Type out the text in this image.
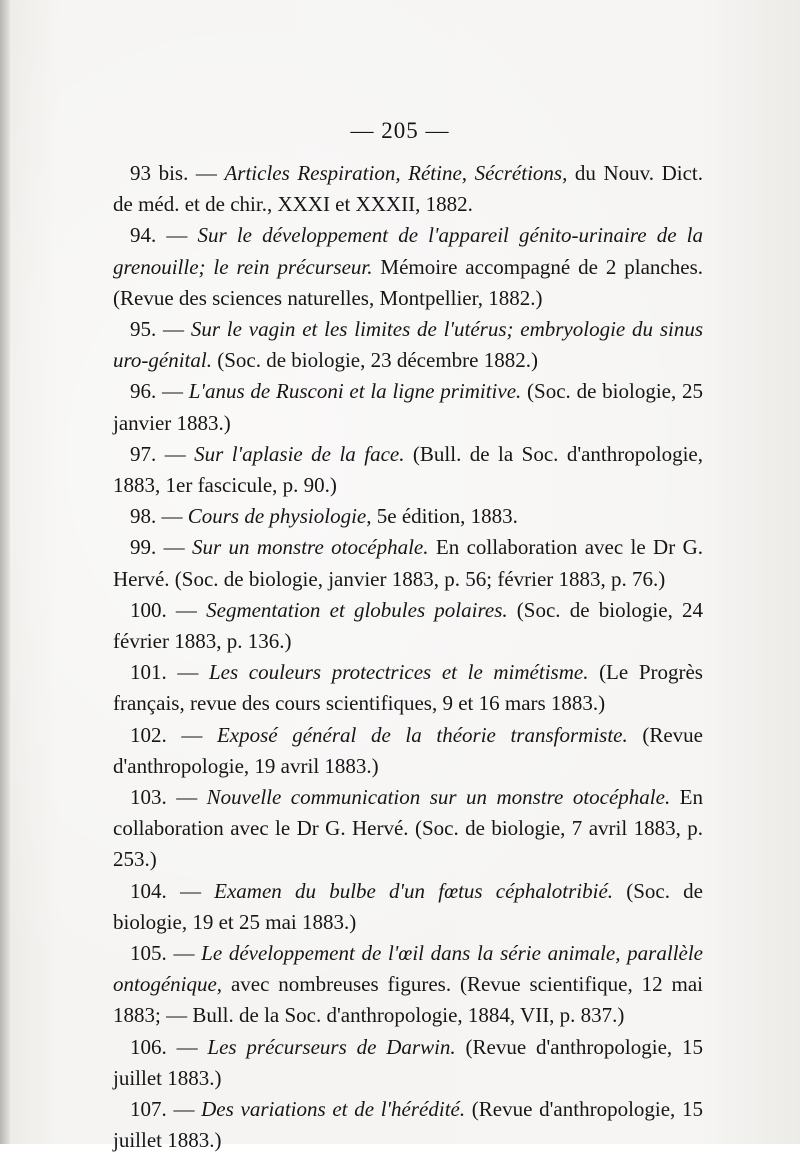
— 205 —

93 bis. — Articles Respiration, Rétine, Sécrétions, du Nouv. Dict. de méd. et de chir., XXXI et XXXII, 1882.

94. — Sur le développement de l'appareil génito-urinaire de la grenouille; le rein précurseur. Mémoire accompagné de 2 planches. (Revue des sciences naturelles, Montpellier, 1882.)

95. — Sur le vagin et les limites de l'utérus; embryologie du sinus uro-génital. (Soc. de biologie, 23 décembre 1882.)

96. — L'anus de Rusconi et la ligne primitive. (Soc. de biologie, 25 janvier 1883.)

97. — Sur l'aplasie de la face. (Bull. de la Soc. d'anthropologie, 1883, 1er fascicule, p. 90.)

98. — Cours de physiologie, 5e édition, 1883.

99. — Sur un monstre otocéphale. En collaboration avec le Dr G. Hervé. (Soc. de biologie, janvier 1883, p. 56; février 1883, p. 76.)

100. — Segmentation et globules polaires. (Soc. de biologie, 24 février 1883, p. 136.)

101. — Les couleurs protectrices et le mimétisme. (Le Progrès français, revue des cours scientifiques, 9 et 16 mars 1883.)

102. — Exposé général de la théorie transformiste. (Revue d'anthropologie, 19 avril 1883.)

103. — Nouvelle communication sur un monstre otocéphale. En collaboration avec le Dr G. Hervé. (Soc. de biologie, 7 avril 1883, p. 253.)

104. — Examen du bulbe d'un fœtus céphalotribié. (Soc. de biologie, 19 et 25 mai 1883.)

105. — Le développement de l'œil dans la série animale, parallèle ontogénique, avec nombreuses figures. (Revue scientifique, 12 mai 1883; — Bull. de la Soc. d'anthropologie, 1884, VII, p. 837.)

106. — Les précurseurs de Darwin. (Revue d'anthropologie, 15 juillet 1883.)

107. — Des variations et de l'hérédité. (Revue d'anthropologie, 15 juillet 1883.)
